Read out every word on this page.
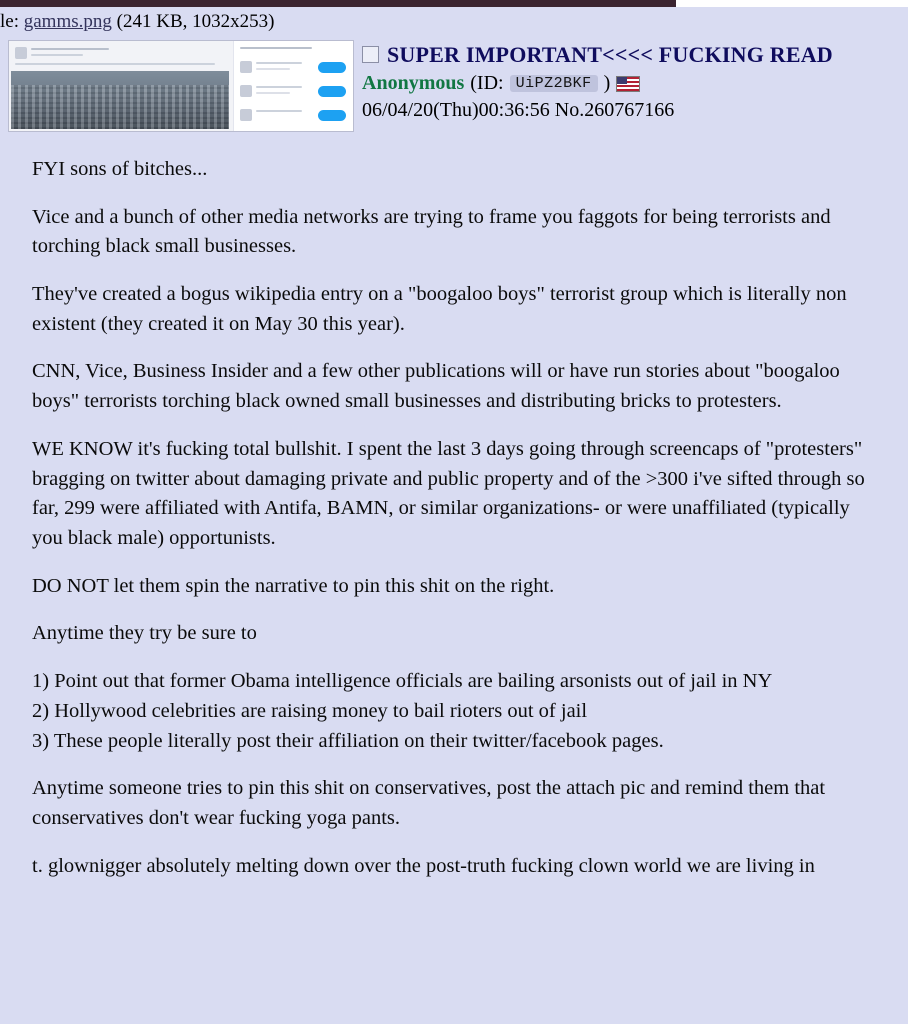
le: gamms.png (241 KB, 1032x253)
SUPER IMPORTANT<<<< FUCKING READ
Anonymous (ID: UiPZ2BKF )
06/04/20(Thu)00:36:56 No.260767166

FYI sons of bitches...

Vice and a bunch of other media networks are trying to frame you faggots for being terrorists and torching black small businesses.

They've created a bogus wikipedia entry on a "boogaloo boys" terrorist group which is literally non existent (they created it on May 30 this year).

CNN, Vice, Business Insider and a few other publications will or have run stories about "boogaloo boys" terrorists torching black owned small businesses and distributing bricks to protesters.

WE KNOW it's fucking total bullshit. I spent the last 3 days going through screencaps of "protesters" bragging on twitter about damaging private and public property and of the >300 i've sifted through so far, 299 were affiliated with Antifa, BAMN, or similar organizations- or were unaffiliated (typically you black male) opportunists.

DO NOT let them spin the narrative to pin this shit on the right.

Anytime they try be sure to

1) Point out that former Obama intelligence officials are bailing arsonists out of jail in NY

2) Hollywood celebrities are raising money to bail rioters out of jail

3) These people literally post their affiliation on their twitter/facebook pages.

Anytime someone tries to pin this shit on conservatives, post the attach pic and remind them that conservatives don't wear fucking yoga pants.

t. glownigger absolutely melting down over the post-truth fucking clown world we are living in
